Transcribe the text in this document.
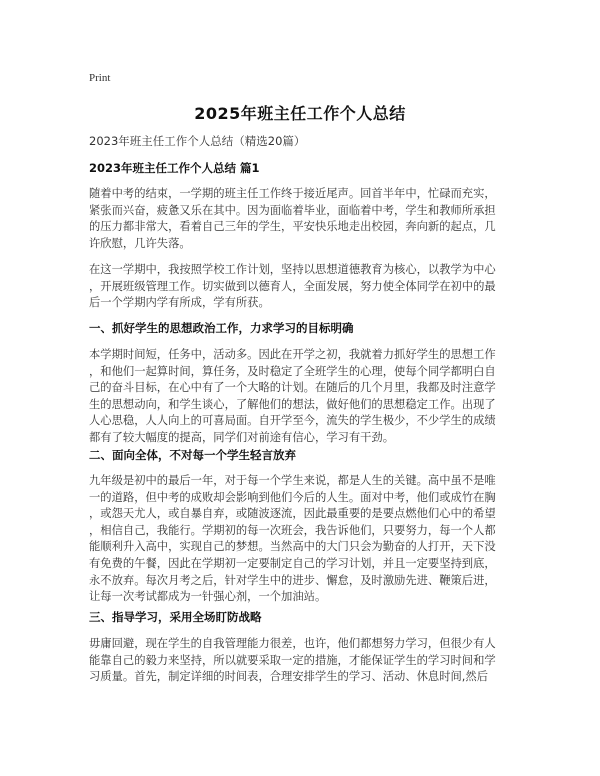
Print
2025年班主任工作个人总结
2023年班主任工作个人总结（精选20篇）
2023年班主任工作个人总结 篇1

随着中考的结束，一学期的班主任工作终于接近尾声。回首半年中，忙碌而充实，
紧张而兴奋，疲惫又乐在其中。因为面临着毕业，面临着中考，学生和教师所承担
的压力都非常大，看着自己三年的学生，平安快乐地走出校园，奔向新的起点，几
许欣慰，几许失落。

在这一学期中，我按照学校工作计划，坚持以思想道德教育为核心，以教学为中心
，开展班级管理工作。切实做到以德育人，全面发展，努力使全体同学在初中的最
后一个学期内学有所成，学有所获。

一、抓好学生的思想政治工作，力求学习的目标明确

本学期时间短，任务中，活动多。因此在开学之初，我就着力抓好学生的思想工作
，和他们一起算时间，算任务，及时稳定了全班学生的心理，使每个同学都明白自
己的奋斗目标，在心中有了一个大略的计划。在随后的几个月里，我都及时注意学
生的思想动向，和学生谈心，了解他们的想法，做好他们的思想稳定工作。出现了
人心思稳，人人向上的可喜局面。自开学至今，流失的学生极少，不少学生的成绩
都有了较大幅度的提高，同学们对前途有信心，学习有干劲。

二、面向全体，不对每一个学生轻言放弃

九年级是初中的最后一年，对于每一个学生来说，都是人生的关键。高中虽不是唯
一的道路，但中考的成败却会影响到他们今后的人生。面对中考，他们或成竹在胸
，或怨天尤人，或自暴自弃，或随波逐流，因此最重要的是要点燃他们心中的希望
，相信自己，我能行。学期初的每一次班会，我告诉他们，只要努力，每一个人都
能顺利升入高中，实现自己的梦想。当然高中的大门只会为勤奋的人打开，天下没
有免费的午餐，因此在学期初一定要制定自己的学习计划，并且一定要坚持到底，
永不放弃。每次月考之后，针对学生中的进步、懈怠，及时激励先进、鞭策后进，
让每一次考试都成为一针强心剂，一个加油站。

三、指导学习，采用全场盯防战略

毋庸回避，现在学生的自我管理能力很差，也许，他们都想努力学习，但很少有人
能靠自己的毅力来坚持，所以就要采取一定的措施，才能保证学生的学习时间和学
习质量。首先，制定详细的时间表，合理安排学生的学习、活动、休息时间,然后
